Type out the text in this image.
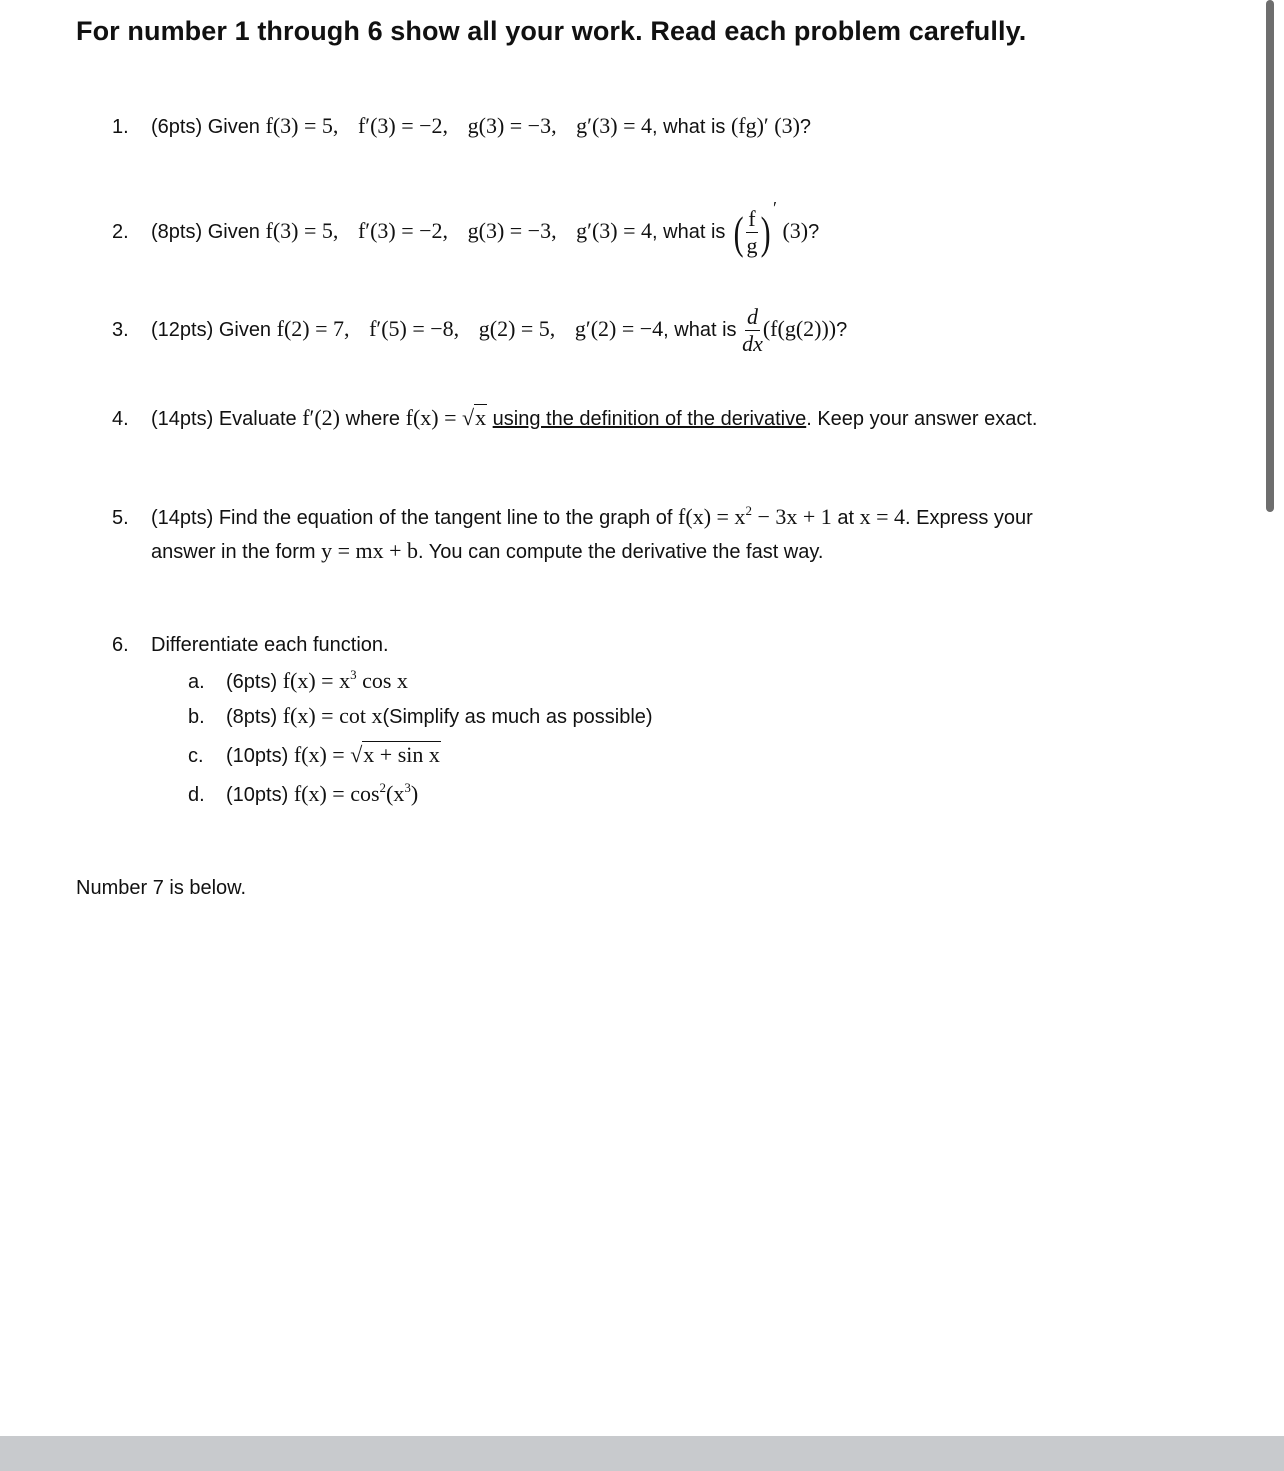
For number 1 through 6 show all your work. Read each problem carefully.
1. (6pts) Given f(3) = 5, f′(3) = −2, g(3) = −3, g′(3) = 4, what is (fg)′ (3)?
2. (8pts) Given f(3) = 5, f′(3) = −2, g(3) = −3, g′(3) = 4, what is ( $\frac{f}{g}$ ) ′ (3)?
3. (12pts) Given f(2) = 7, f′(5) = −8, g(2) = 5, g′(2) = −4, what is $\frac{d}{dx} (f(g(2)))$?
4. (14pts) Evaluate f′(2) where f(x) = √x using the definition of the derivative. Keep your answer exact.
5. (14pts) Find the equation of the tangent line to the graph of $f(x) = x^2 - 3x + 1$ at x = 4. Express your
answer in the form y = mx + b. You can compute the derivative the fast way.
6. Differentiate each function.
a. (6pts) $f(x) = x^3$ cos x
b. (8pts) f(x) = cot x(Simplify as much as possible)
c. (10pts) f(x) = √x + sin x
d. (10pts) $f(x) = \cos^2(x^3)$
Number 7 is below.
